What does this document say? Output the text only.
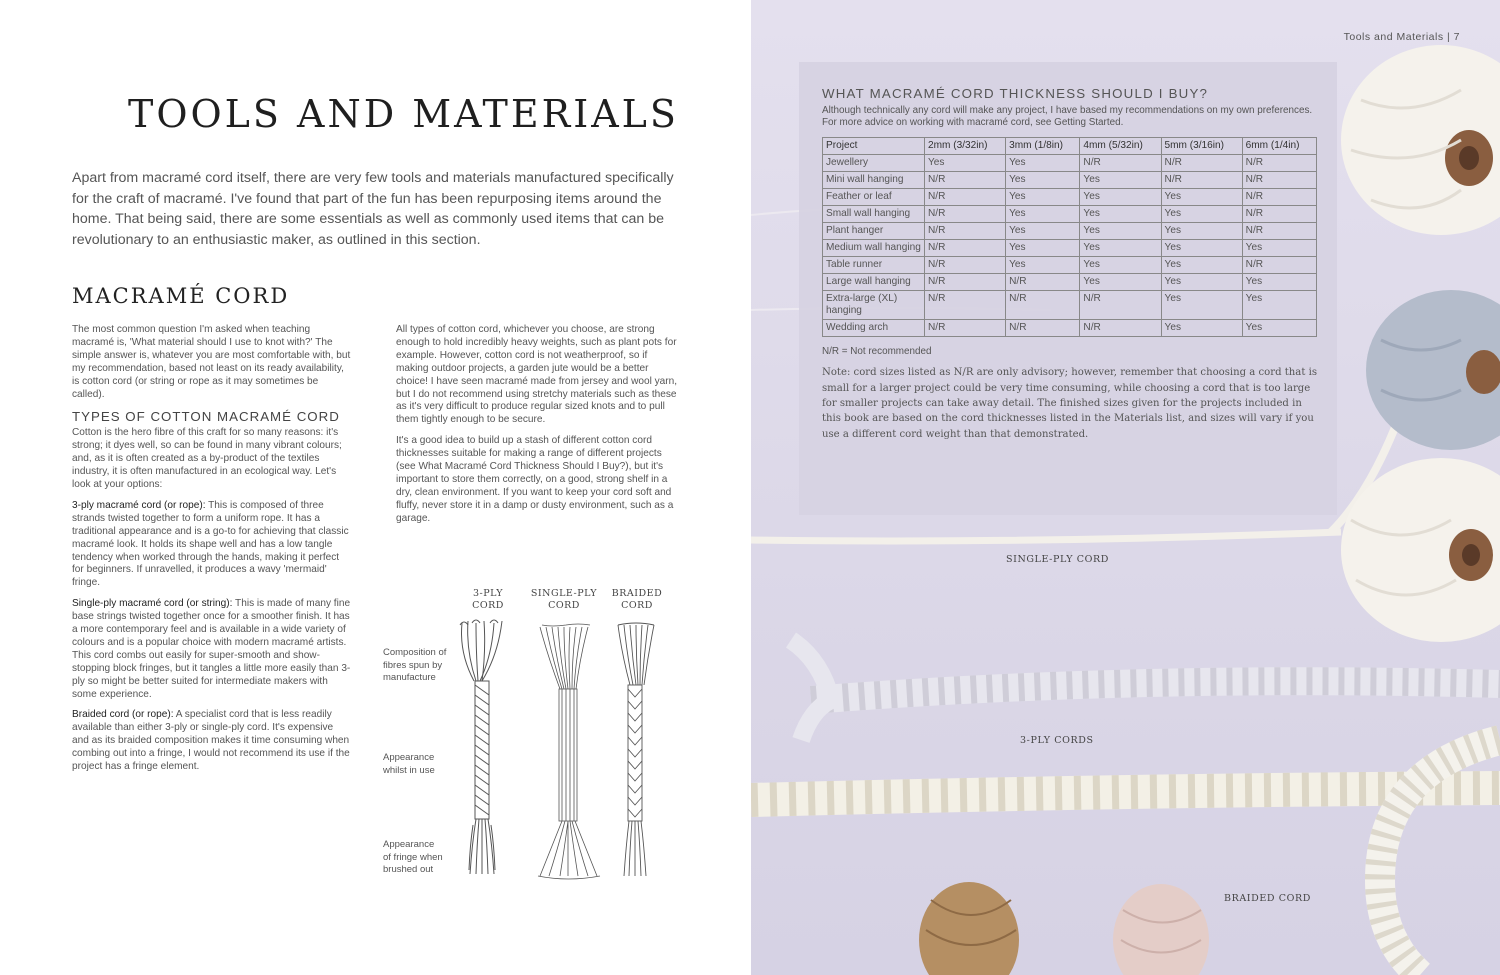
TOOLS AND MATERIALS

Apart from macramé cord itself, there are very few tools and materials manufactured specifically for the craft of macramé. I've found that part of the fun has been repurposing items around the home. That being said, there are some essentials as well as commonly used items that can be revolutionary to an enthusiastic maker, as outlined in this section.

MACRAMÉ CORD

The most common question I'm asked when teaching macramé is, 'What material should I use to knot with?' The simple answer is, whatever you are most comfortable with, but my recommendation, based not least on its ready availability, is cotton cord (or string or rope as it may sometimes be called).

TYPES OF COTTON MACRAMÉ CORD

Cotton is the hero fibre of this craft for so many reasons: it's strong; it dyes well, so can be found in many vibrant colours; and, as it is often created as a by-product of the textiles industry, it is often manufactured in an ecological way. Let's look at your options:

3-ply macramé cord (or rope): This is composed of three strands twisted together to form a uniform rope. It has a traditional appearance and is a go-to for achieving that classic macramé look. It holds its shape well and has a low tangle tendency when worked through the hands, making it perfect for beginners. If unravelled, it produces a wavy 'mermaid' fringe.

Single-ply macramé cord (or string): This is made of many fine base strings twisted together once for a smoother finish. It has a more contemporary feel and is available in a wide variety of colours and is a popular choice with modern macramé artists. This cord combs out easily for super-smooth and show-stopping block fringes, but it tangles a little more easily than 3-ply so might be better suited for intermediate makers with some experience.

Braided cord (or rope): A specialist cord that is less readily available than either 3-ply or single-ply cord. It's expensive and as its braided composition makes it time consuming when combing out into a fringe, I would not recommend its use if the project has a fringe element.

All types of cotton cord, whichever you choose, are strong enough to hold incredibly heavy weights, such as plant pots for example. However, cotton cord is not weatherproof, so if making outdoor projects, a garden jute would be a better choice! I have seen macramé made from jersey and wool yarn, but I do not recommend using stretchy materials such as these as it's very difficult to produce regular sized knots and to pull them tightly enough to be secure.

It's a good idea to build up a stash of different cotton cord thicknesses suitable for making a range of different projects (see What Macramé Cord Thickness Should I Buy?), but it's important to store them correctly, on a good, strong shelf in a dry, clean environment. If you want to keep your cord soft and fluffy, never store it in a damp or dusty environment, such as a garage.

3-PLY
CORD
SINGLE-PLY
CORD
BRAIDED
CORD
Composition of
fibres spun by
manufacture
Appearance
whilst in use
Appearance
of fringe when
brushed out
Tools and Materials | 7
WHAT MACRAMÉ CORD THICKNESS SHOULD I BUY?

Although technically any cord will make any project, I have based my recommendations on my own preferences. For more advice on working with macramé cord, see Getting Started.

Project	2mm (3/32in)	3mm (1/8in)	4mm (5/32in)	5mm (3/16in)	6mm (1/4in)
Jewellery	Yes	Yes	N/R	N/R	N/R
Mini wall hanging	N/R	Yes	Yes	N/R	N/R
Feather or leaf	N/R	Yes	Yes	Yes	N/R
Small wall hanging	N/R	Yes	Yes	Yes	N/R
Plant hanger	N/R	Yes	Yes	Yes	N/R
Medium wall hanging	N/R	Yes	Yes	Yes	Yes
Table runner	N/R	Yes	Yes	Yes	N/R
Large wall hanging	N/R	N/R	Yes	Yes	Yes
Extra-large (XL) hanging	N/R	N/R	N/R	Yes	Yes
Wedding arch	N/R	N/R	N/R	Yes	Yes
N/R = Not recommended

Note: cord sizes listed as N/R are only advisory; however, remember that choosing a cord that is small for a larger project could be very time consuming, while choosing a cord that is too large for smaller projects can take away detail. The finished sizes given for the projects included in this book are based on the cord thicknesses listed in the Materials list, and sizes will vary if you use a different cord weight than that demonstrated.

SINGLE-PLY CORD
3-PLY CORDS
BRAIDED CORD
